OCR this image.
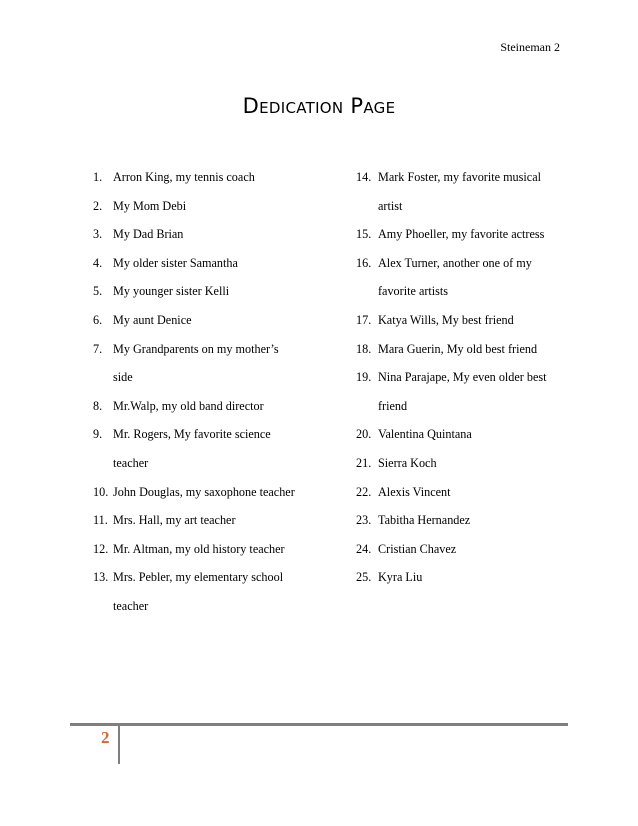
Steineman 2
Dedication Page
1. Arron King, my tennis coach
2. My Mom Debi
3. My Dad Brian
4. My older sister Samantha
5. My younger sister Kelli
6. My aunt Denice
7. My Grandparents on my mother’s
side
8. Mr.Walp, my old band director
9. Mr. Rogers, My favorite science
teacher
10. John Douglas, my saxophone teacher
11. Mrs. Hall, my art teacher
12. Mr. Altman, my old history teacher
13. Mrs. Pebler, my elementary school
teacher
14. Mark Foster, my favorite musical
artist
15. Amy Phoeller, my favorite actress
16. Alex Turner, another one of my
favorite artists
17. Katya Wills, My best friend
18. Mara Guerin, My old best friend
19. Nina Parajape, My even older best
friend
20. Valentina Quintana
21. Sierra Koch
22. Alexis Vincent
23. Tabitha Hernandez
24. Cristian Chavez
25. Kyra Liu
2
